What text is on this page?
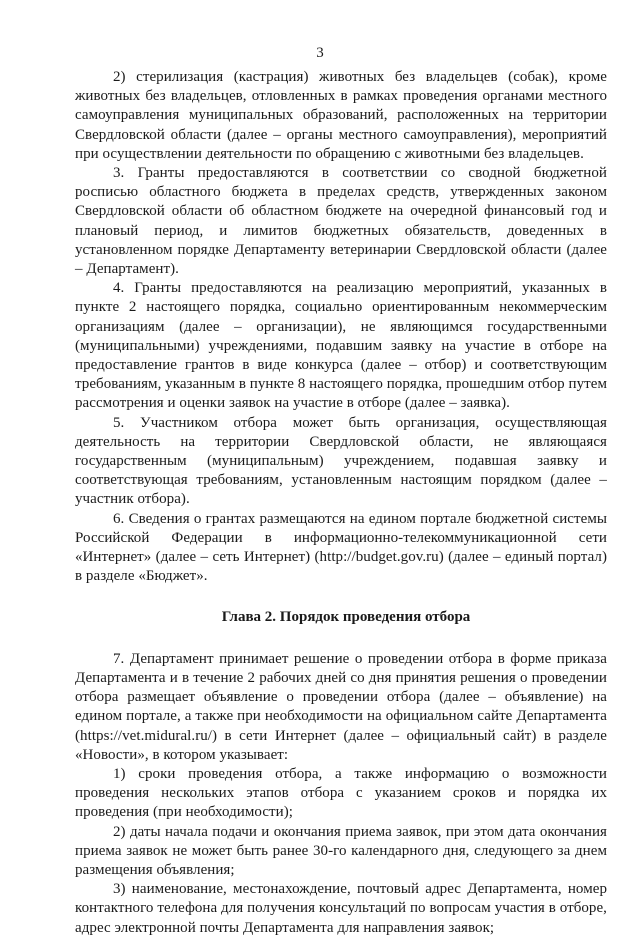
3

2) стерилизация (кастрация) животных без владельцев (собак), кроме животных без владельцев, отловленных в рамках проведения органами местного самоуправления муниципальных образований, расположенных на территории Свердловской области (далее – органы местного самоуправления), мероприятий при осуществлении деятельности по обращению с животными без владельцев.

3. Гранты предоставляются в соответствии со сводной бюджетной росписью областного бюджета в пределах средств, утвержденных законом Свердловской области об областном бюджете на очередной финансовый год и плановый период, и лимитов бюджетных обязательств, доведенных в установленном порядке Департаменту ветеринарии Свердловской области (далее – Департамент).

4. Гранты предоставляются на реализацию мероприятий, указанных в пункте 2 настоящего порядка, социально ориентированным некоммерческим организациям (далее – организации), не являющимся государственными (муниципальными) учреждениями, подавшим заявку на участие в отборе на предоставление грантов в виде конкурса (далее – отбор) и соответствующим требованиям, указанным в пункте 8 настоящего порядка, прошедшим отбор путем рассмотрения и оценки заявок на участие в отборе (далее – заявка).

5. Участником отбора может быть организация, осуществляющая деятельность на территории Свердловской области, не являющаяся государственным (муниципальным) учреждением, подавшая заявку и соответствующая требованиям, установленным настоящим порядком (далее – участник отбора).

6. Сведения о грантах размещаются на едином портале бюджетной системы Российской Федерации в информационно-телекоммуникационной сети «Интернет» (далее – сеть Интернет) (http://budget.gov.ru) (далее – единый портал) в разделе «Бюджет».

Глава 2. Порядок проведения отбора

7. Департамент принимает решение о проведении отбора в форме приказа Департамента и в течение 2 рабочих дней со дня принятия решения о проведении отбора размещает объявление о проведении отбора (далее – объявление) на едином портале, а также при необходимости на официальном сайте Департамента (https://vet.midural.ru/) в сети Интернет (далее – официальный сайт) в разделе «Новости», в котором указывает:

1) сроки проведения отбора, а также информацию о возможности проведения нескольких этапов отбора с указанием сроков и порядка их проведения (при необходимости);

2) даты начала подачи и окончания приема заявок, при этом дата окончания приема заявок не может быть ранее 30-го календарного дня, следующего за днем размещения объявления;

3) наименование, местонахождение, почтовый адрес Департамента, номер контактного телефона для получения консультаций по вопросам участия в отборе, адрес электронной почты Департамента для направления заявок;
